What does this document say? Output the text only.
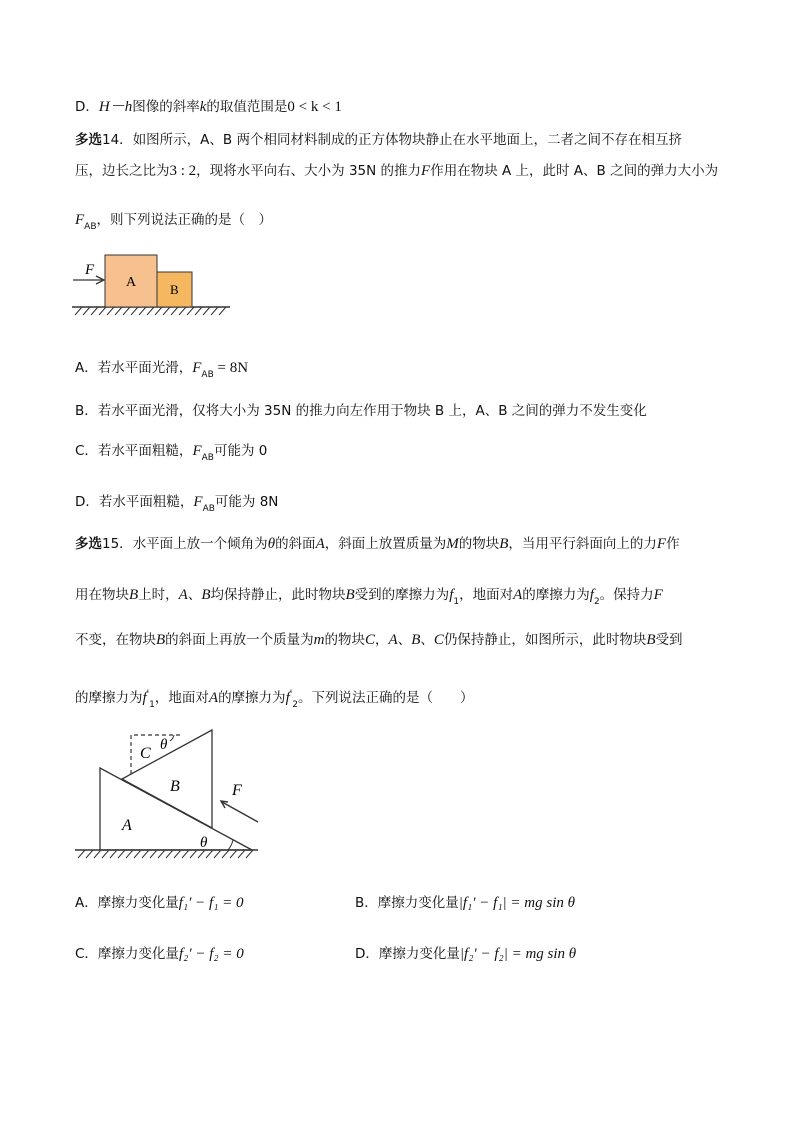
D．H－h图像的斜率k的取值范围是0 < k < 1
多选14．如图所示，A、B 两个相同材料制成的正方体物块静止在水平地面上，二者之间不存在相互挤
压，边长之比为3 : 2，现将水平向右、大小为 35N 的推力F作用在物块 A 上，此时 A、B 之间的弹力大小为
$F_{AB}$，则下列说法正确的是（　）
A	B
F
A．若水平面光滑，$F_{AB} = 8N$
B．若水平面光滑，仅将大小为 35N 的推力向左作用于物块 B 上，A、B 之间的弹力不发生变化
C．若水平面粗糙，$F_{AB}$可能为 0
D．若水平面粗糙，$F_{AB}$可能为 8N
多选15．水平面上放一个倾角为θ的斜面A，斜面上放置质量为M的物块B，当用平行斜面向上的力F作
用在物块B上时，A、B均保持静止，此时物块B受到的摩擦力为$f_1$，地面对A的摩擦力为$f_2$。保持力F
不变，在物块B的斜面上再放一个质量为m的物块C，A、B、C仍保持静止，如图所示，此时物块B受到
的摩擦力为$f'_1$，地面对A的摩擦力为$f'_2$。下列说法正确的是（　　）
C θ
B
A
θ
F
A．摩擦力变化量f₁′ − f₁ = 0	B．摩擦力变化量|f₁′ − f₁| = mg sin θ
C．摩擦力变化量f₂′ − f₂ = 0	D．摩擦力变化量|f₂′ − f₂| = mg sin θ
